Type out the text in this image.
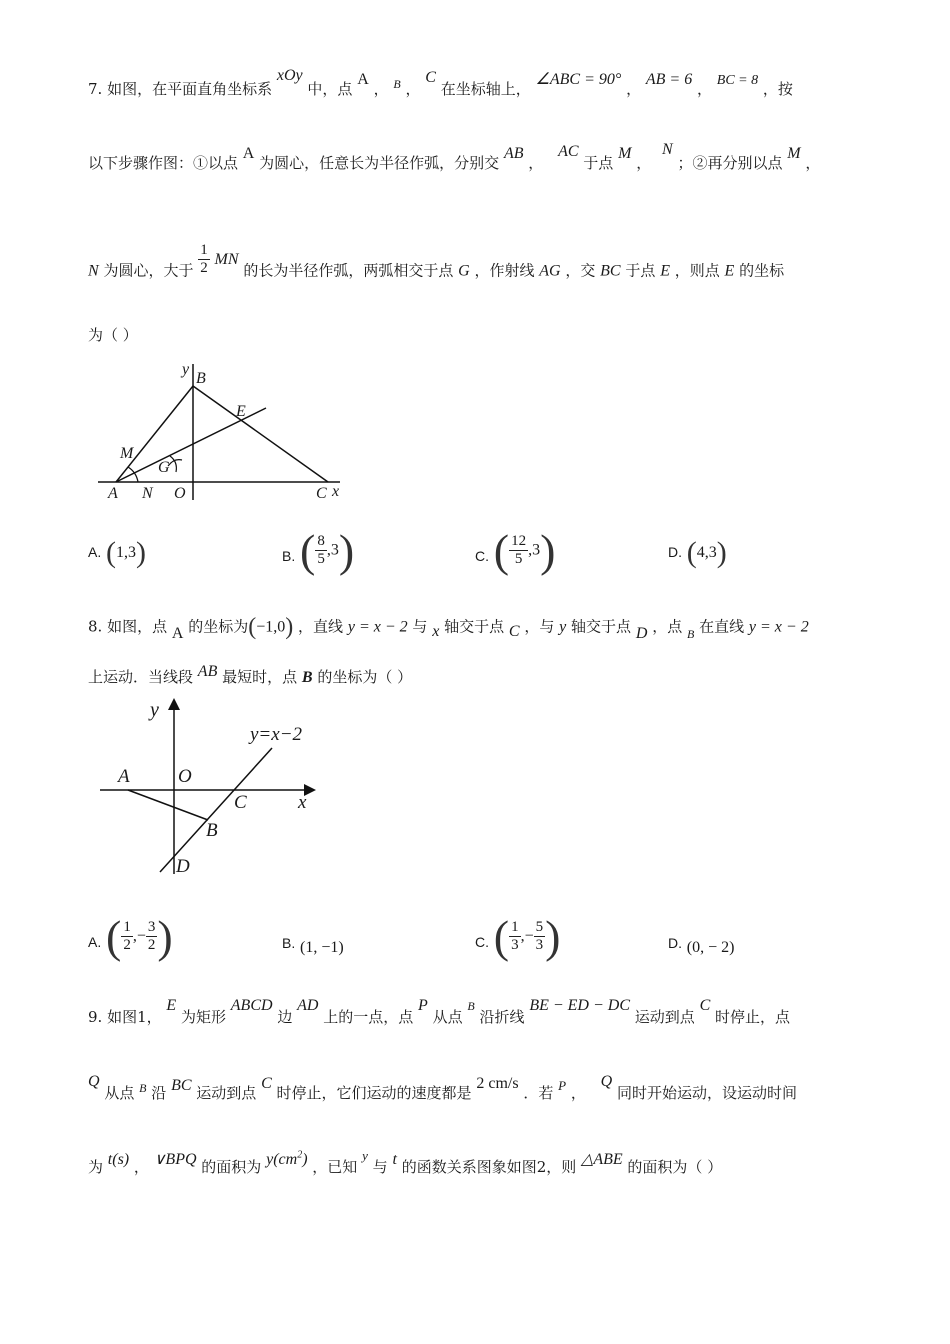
7. 如图，在平面直角坐标系 xOy 中，点 A ， $^B$ ， C 在坐标轴上， ∠ABC = 90° ， AB = 6 ， BC = 8 ，按
以下步骤作图：①以点 A 为圆心，任意长为半径作弧，分别交 AB ， AC 于点 M ， N ；②再分别以点 M ，
N 为圆心，大于 $\frac{1}{2}$ MN 的长为半径作弧，两弧相交于点 G ，作射线 AG ，交 BC 于点 E ，则点 E 的坐标
为（ ）
y
B
E
M
G
A N O	C x
A. (1,3)	B. ( $\frac{8}{5} ,3$)	C. ( $\frac{12}{5} ,3$)	D. (4,3)
8. 如图，点 A 的坐标为(−1,0) ，直线 y = x − 2 与 x 轴交于点 C ，与 y 轴交于点 D ，点 $_B$ 在直线 y = x − 2
上运动．当线段 AB 最短时，点 B 的坐标为（ ）
y
y=x−2
A	O
C	x
B
D
A. ( $\frac{1}{2}$ ,− $\frac{3}{2}$ )	B. (1, −1)	C. ( $\frac{1}{3}$ ,− $\frac{5}{3}$ )	D. (0, − 2)
9. 如图1， E 为矩形 ABCD 边 AD 上的一点，点 P 从点 $^B$ 沿折线 BE − ED − DC 运动到点 C 时停止，点
Q 从点 $^B$ 沿 BC 运动到点 C 时停止，它们运动的速度都是 2 cm/s ．若 P ， Q 同时开始运动，设运动时间
为 t(s) ， ∨BPQ 的面积为 $y(cm^2)$ ，已知 y 与 t 的函数关系图象如图2，则 △ABE 的面积为（ ）
